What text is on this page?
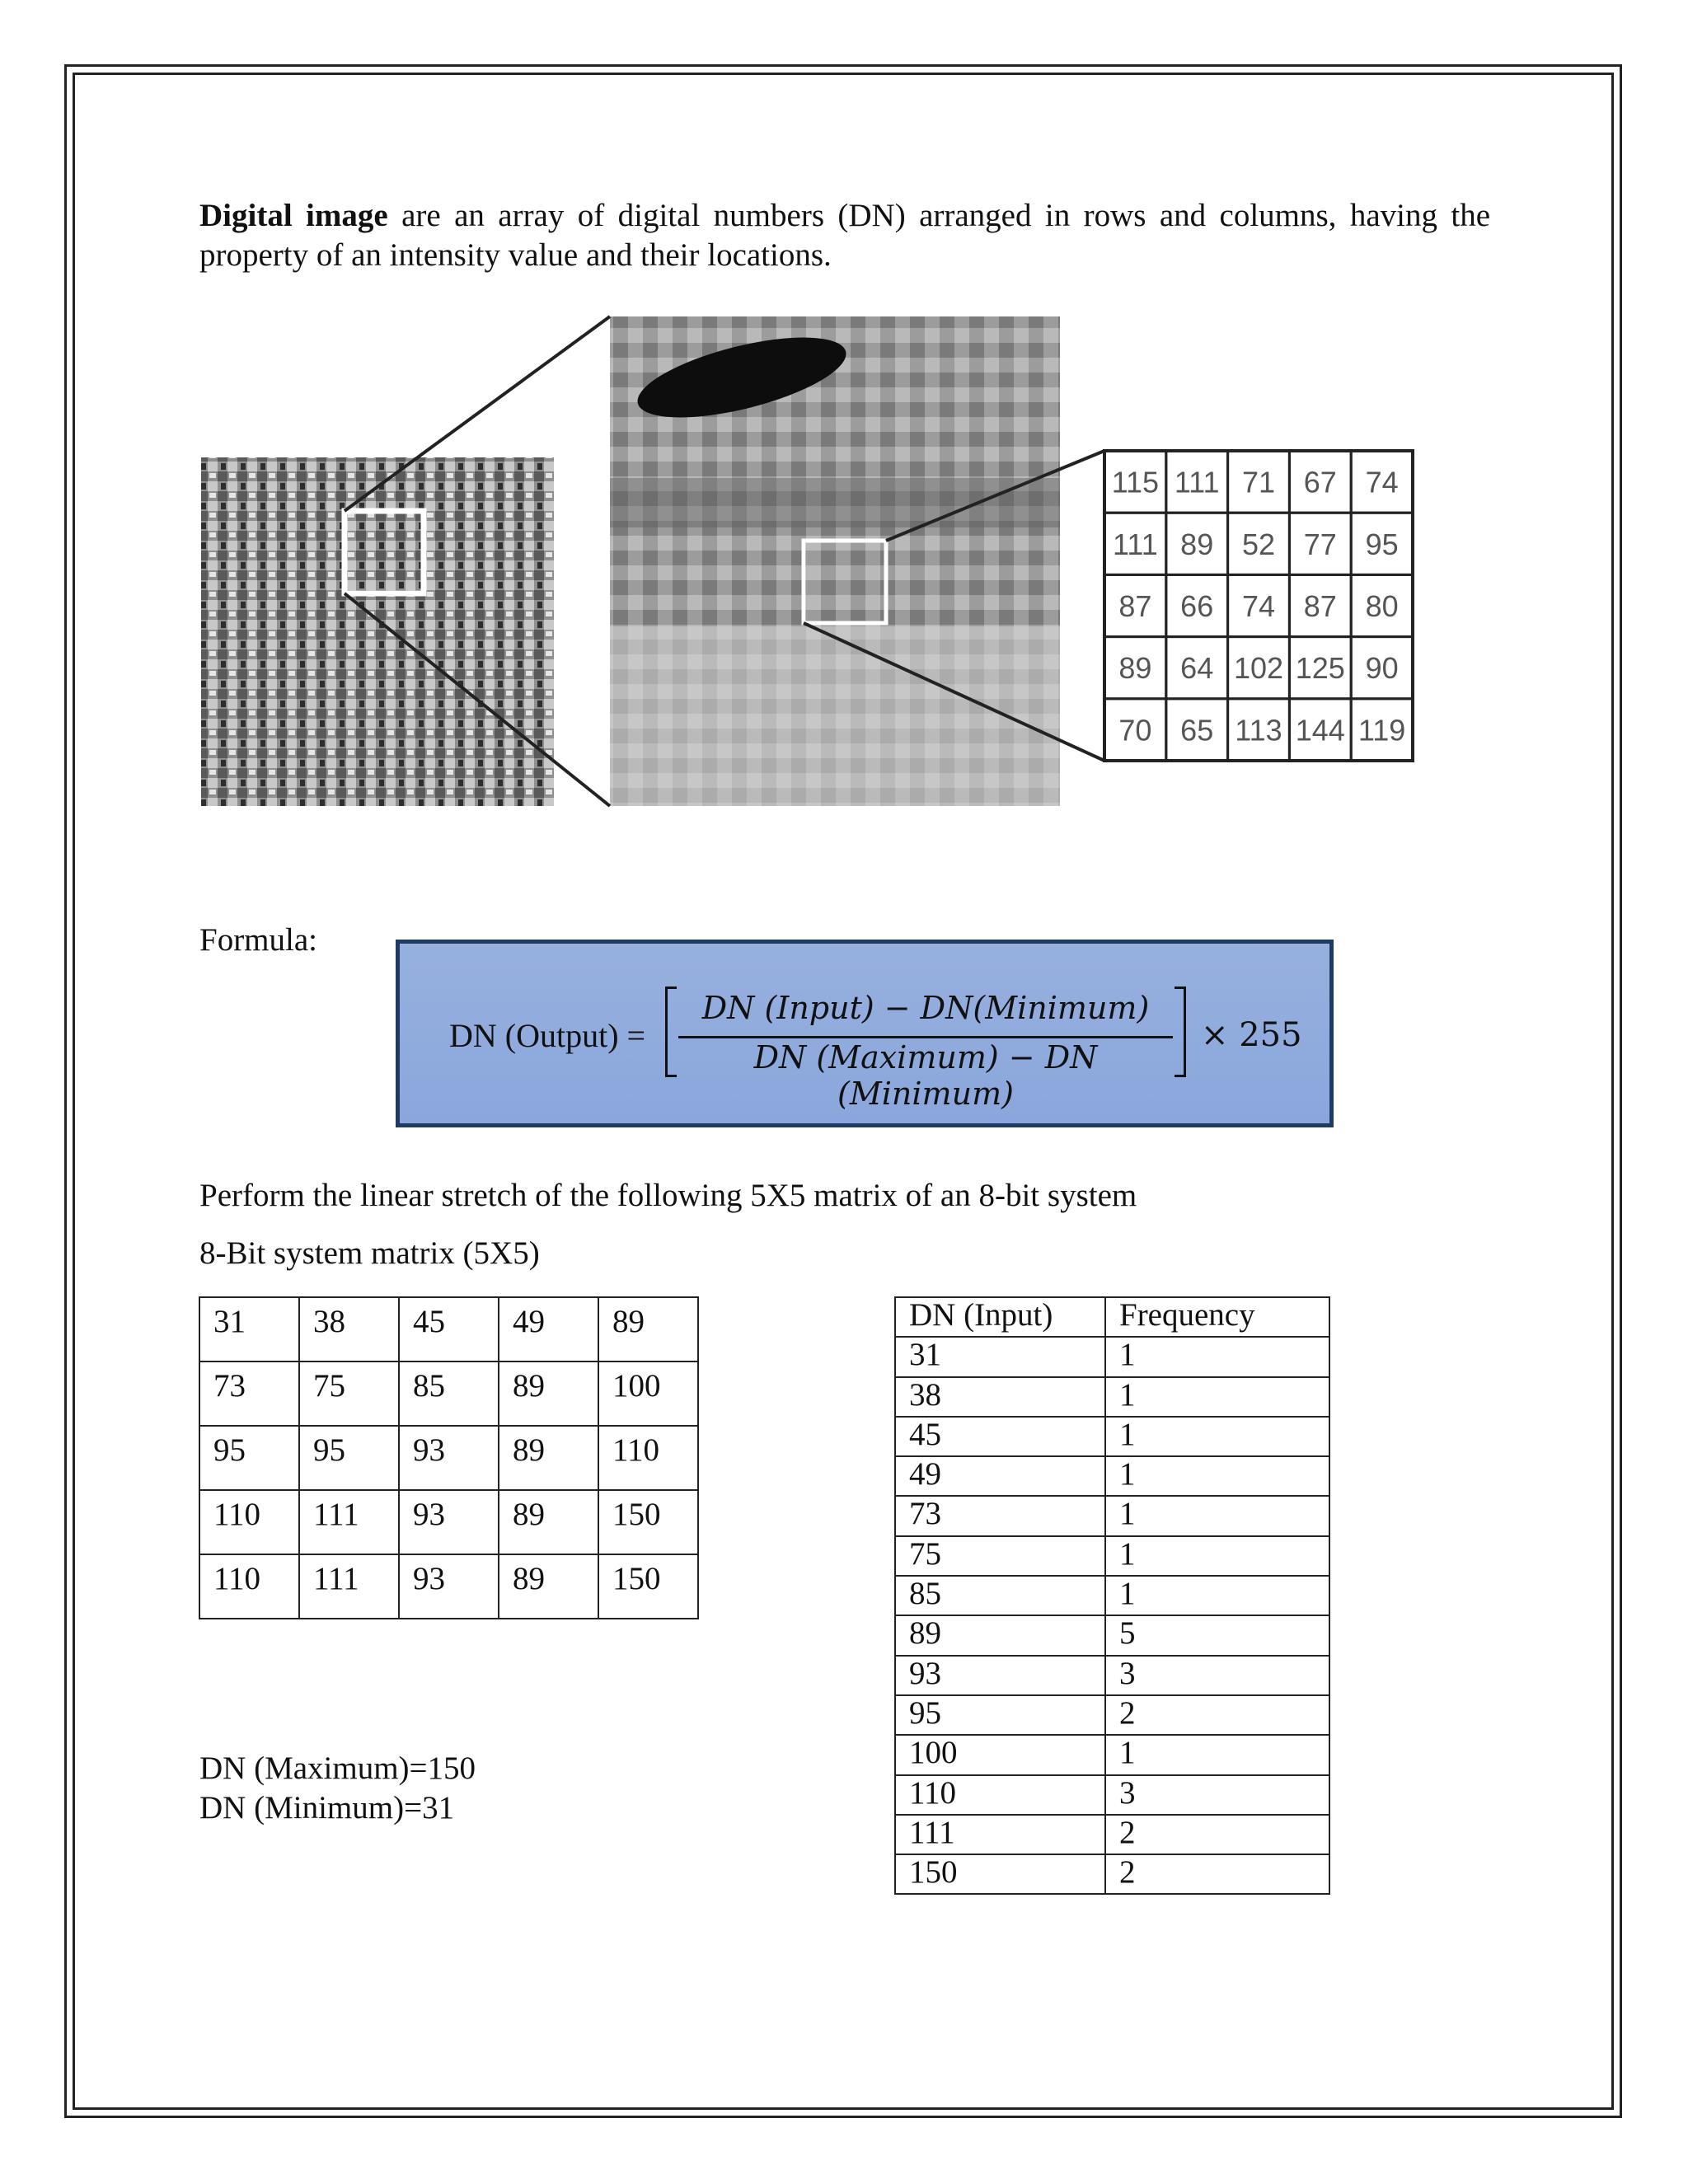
Digital image are an array of digital numbers (DN) arranged in rows and columns, having the property of an intensity value and their locations.
115 111 71 67 74
111 89 52 77 95
87 66 74 87 80
89 64 102 125 90
70 65 113 144 119
Formula:
DN (Output) =
DN (Input) − DN(Minimum)
DN (Maximum) − DN (Minimum)
× 255
Perform the linear stretch of the following 5X5 matrix of an 8-bit system
8-Bit system matrix (5X5)
31	38	45	49	89
73	75	85	89	100
95	95	93	89	110
110	111	93	89	150
110	111	93	89	150
DN (Input)	Frequency
31	1
38	1
45	1
49	1
73	1
75	1
85	1
89	5
93	3
95	2
100	1
110	3
111	2
150	2
DN (Maximum)=150
DN (Minimum)=31
